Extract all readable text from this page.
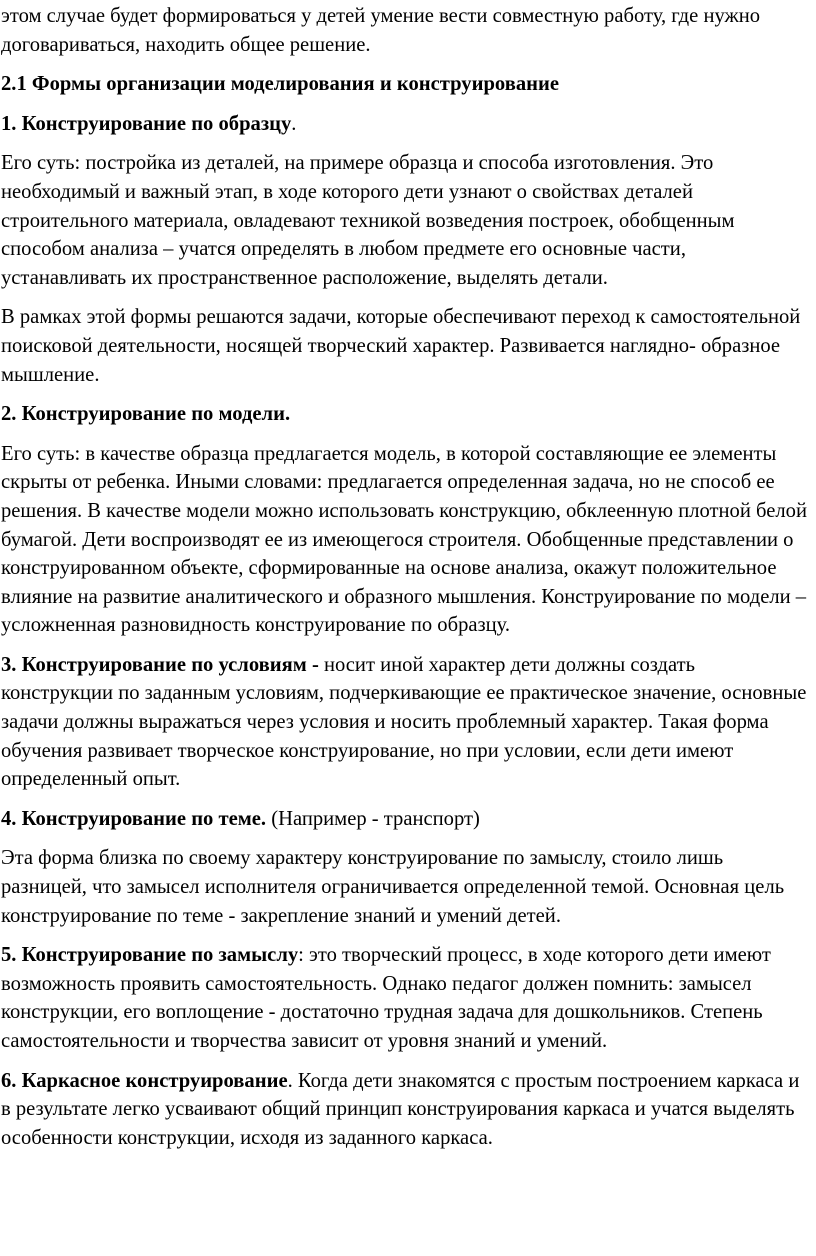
этом случае будет формироваться у детей умение вести совместную работу, где нужно договариваться, находить общее решение.

2.1 Формы организации моделирования и конструирование

1. Конструирование по образцу.

Его суть: постройка из деталей, на примере образца и способа изготовления. Это необходимый и важный этап, в ходе которого дети узнают о свойствах деталей строительного материала, овладевают техникой возведения построек, обобщенным способом анализа – учатся определять в любом предмете его основные части, устанавливать их пространственное расположение, выделять детали.

В рамках этой формы решаются задачи, которые обеспечивают переход к самостоятельной поисковой деятельности, носящей творческий характер. Развивается наглядно- образное мышление.

2. Конструирование по модели.

Его суть: в качестве образца предлагается модель, в которой составляющие ее элементы скрыты от ребенка. Иными словами: предлагается определенная задача, но не способ ее решения. В качестве модели можно использовать конструкцию, обклеенную плотной белой бумагой. Дети воспроизводят ее из имеющегося строителя. Обобщенные представлении о конструированном объекте, сформированные на основе анализа, окажут положительное влияние на развитие аналитического и образного мышления. Конструирование по модели – усложненная разновидность конструирование по образцу.

3. Конструирование по условиям - носит иной характер дети должны создать конструкции по заданным условиям, подчеркивающие ее практическое значение, основные задачи должны выражаться через условия и носить проблемный характер. Такая форма обучения развивает творческое конструирование, но при условии, если дети имеют определенный опыт.

4. Конструирование по теме. (Например - транспорт)

Эта форма близка по своему характеру конструирование по замыслу, стоило лишь разницей, что замысел исполнителя ограничивается определенной темой. Основная цель конструирование по теме - закрепление знаний и умений детей.

5. Конструирование по замыслу: это творческий процесс, в ходе которого дети имеют возможность проявить самостоятельность. Однако педагог должен помнить: замысел конструкции, его воплощение - достаточно трудная задача для дошкольников. Степень самостоятельности и творчества зависит от уровня знаний и умений.

6. Каркасное конструирование. Когда дети знакомятся с простым построением каркаса и в результате легко усваивают общий принцип конструирования каркаса и учатся выделять особенности конструкции, исходя из заданного каркаса.
